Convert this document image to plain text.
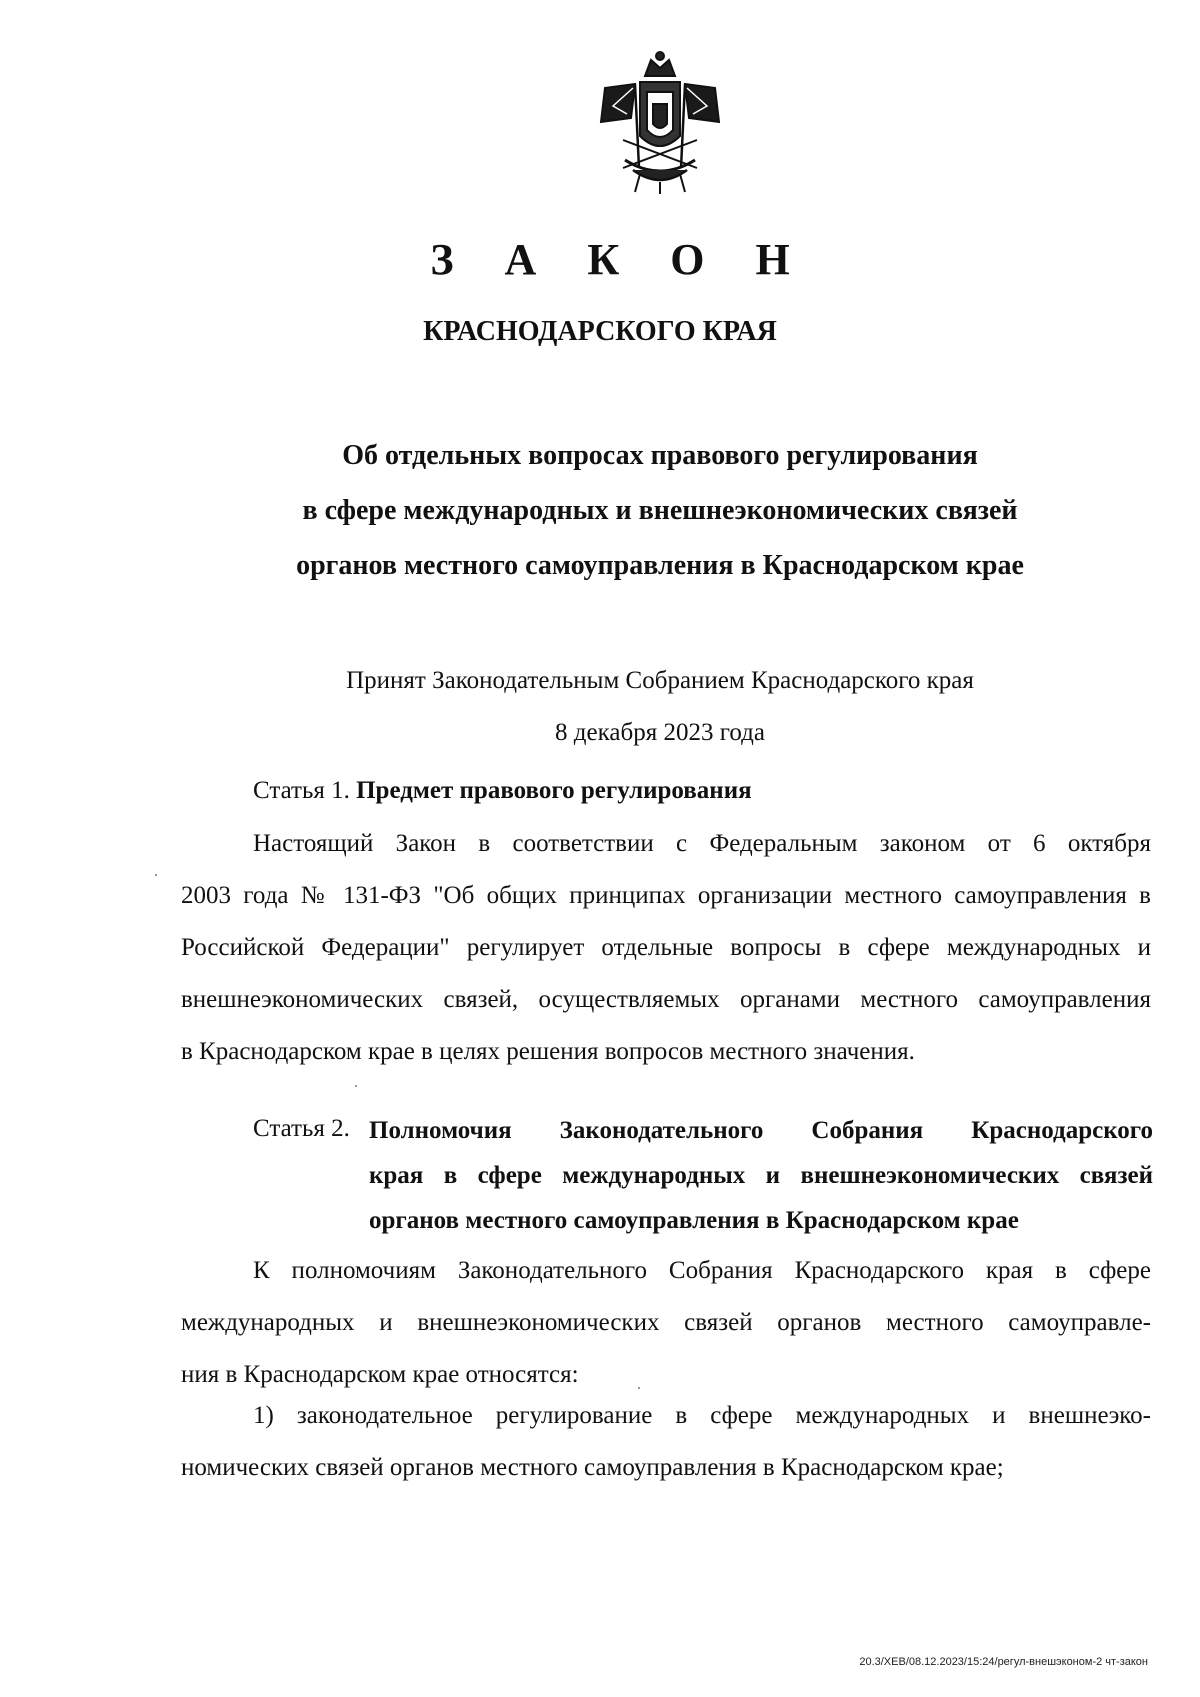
З А К О Н
КРАСНОДАРСКОГО КРАЯ
Об отдельных вопросах правового регулирования
в сфере международных и внешнеэкономических связей
органов местного самоуправления в Краснодарском крае
Принят Законодательным Собранием Краснодарского края
8 декабря 2023 года
Статья 1. Предмет правового регулирования
Настоящий Закон в соответствии с Федеральным законом от 6 октября
2003 года № 131-ФЗ "Об общих принципах организации местного самоуправления в
Российской Федерации" регулирует отдельные вопросы в сфере международных и
внешнеэкономических связей, осуществляемых органами местного самоуправления
в Краснодарском крае в целях решения вопросов местного значения.
Статья 2. Полномочия Законодательного Собрания Краснодарского
края в сфере международных и внешнеэкономических связей
органов местного самоуправления в Краснодарском крае
К полномочиям Законодательного Собрания Краснодарского края в сфере
международных и внешнеэкономических связей органов местного самоуправле-
ния в Краснодарском крае относятся:
1) законодательное регулирование в сфере международных и внешнеэко-
номических связей органов местного самоуправления в Краснодарском крае;
20.3/ХЕВ/08.12.2023/15:24/регул-внешэконом-2 чт-закон
